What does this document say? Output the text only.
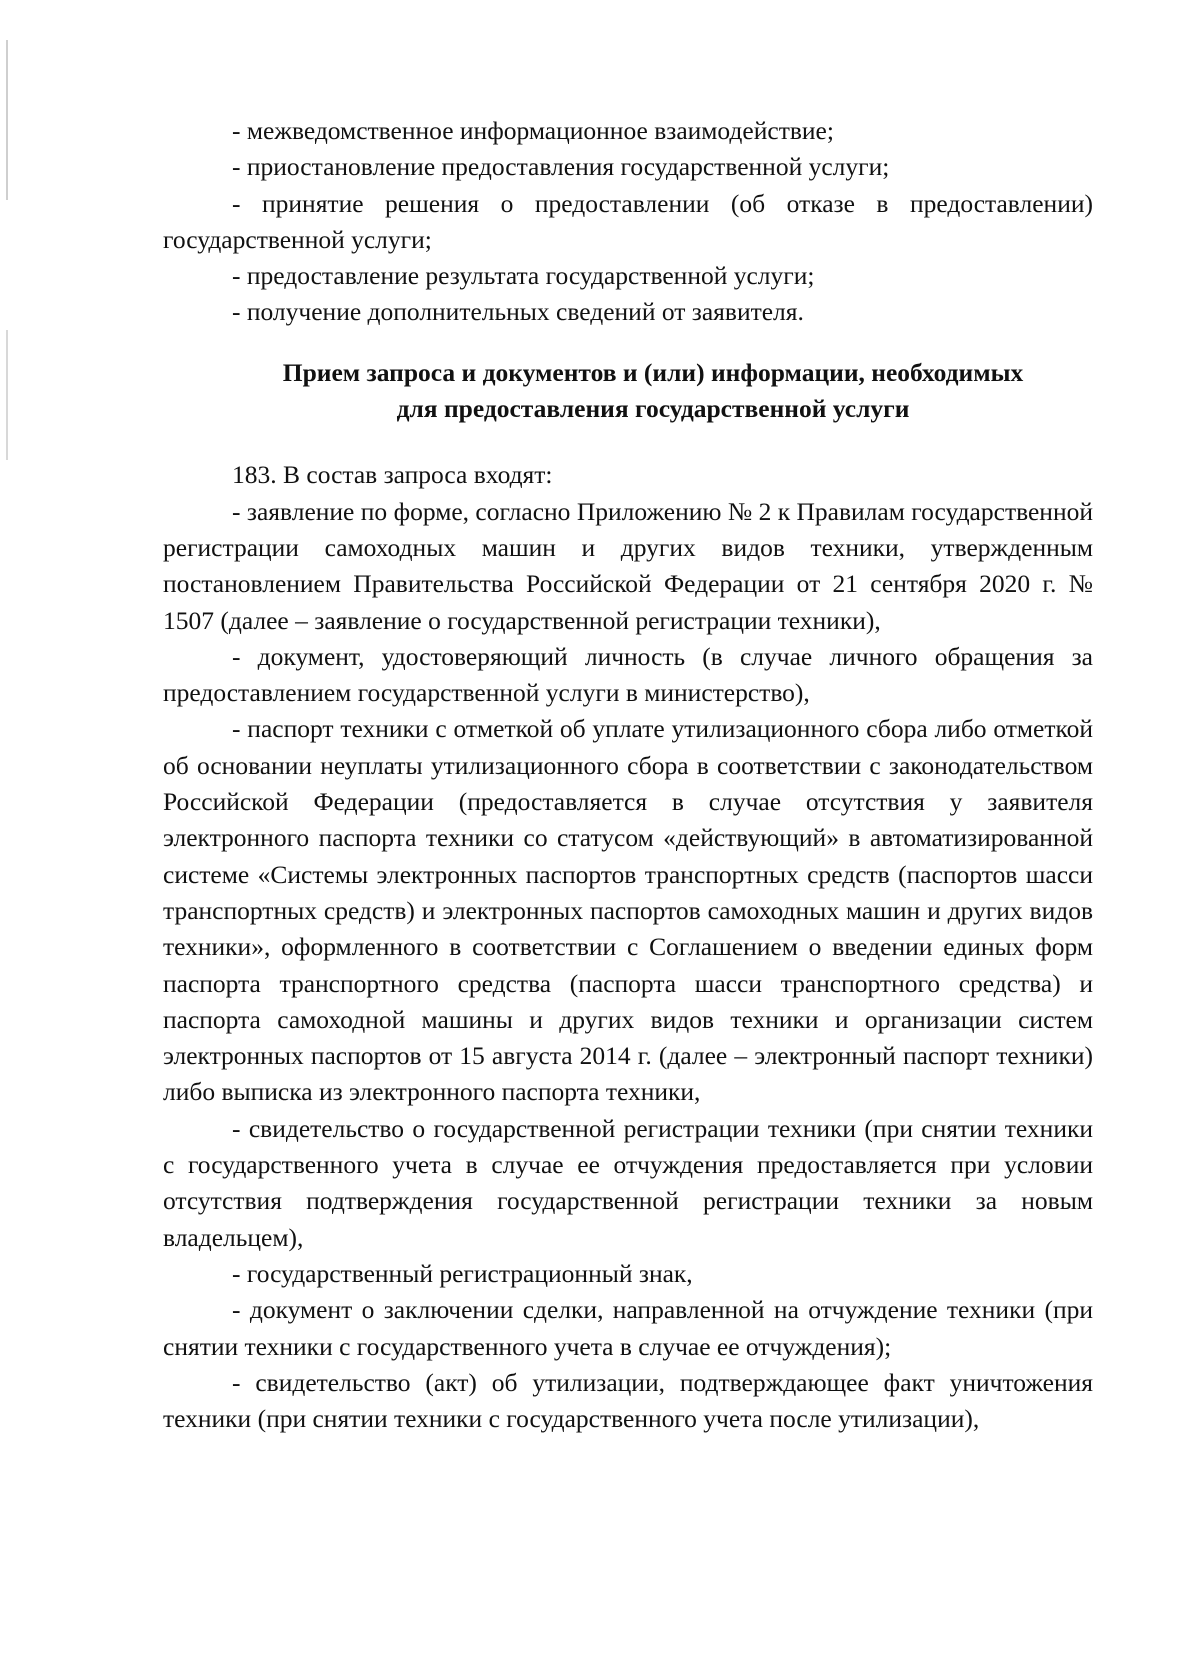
- межведомственное информационное взаимодействие;

- приостановление предоставления государственной услуги;

- принятие решения о предоставлении (об отказе в предоставлении) государственной услуги;

- предоставление результата государственной услуги;

- получение дополнительных сведений от заявителя.

Прием запроса и документов и (или) информации, необходимых

для предоставления государственной услуги

183. В состав запроса входят:

- заявление по форме, согласно Приложению № 2 к Правилам государственной регистрации самоходных машин и других видов техники, утвержденным постановлением Правительства Российской Федерации от 21 сентября 2020 г. № 1507 (далее – заявление о государственной регистрации техники),

- документ, удостоверяющий личность (в случае личного обращения за предоставлением государственной услуги в министерство),

- паспорт техники с отметкой об уплате утилизационного сбора либо отметкой об основании неуплаты утилизационного сбора в соответствии с законодательством Российской Федерации (предоставляется в случае отсутствия у заявителя электронного паспорта техники со статусом «действующий» в автоматизированной системе «Системы электронных паспортов транспортных средств (паспортов шасси транспортных средств) и электронных паспортов самоходных машин и других видов техники», оформленного в соответствии с Соглашением о введении единых форм паспорта транспортного средства (паспорта шасси транспортного средства) и паспорта самоходной машины и других видов техники и организации систем электронных паспортов от 15 августа 2014 г. (далее – электронный паспорт техники) либо выписка из электронного паспорта техники,

- свидетельство о государственной регистрации техники (при снятии техники с государственного учета в случае ее отчуждения предоставляется при условии отсутствия подтверждения государственной регистрации техники за новым владельцем),

- государственный регистрационный знак,

- документ о заключении сделки, направленной на отчуждение техники (при снятии техники с государственного учета в случае ее отчуждения);

- свидетельство (акт) об утилизации, подтверждающее факт уничтожения техники (при снятии техники с государственного учета после утилизации),
